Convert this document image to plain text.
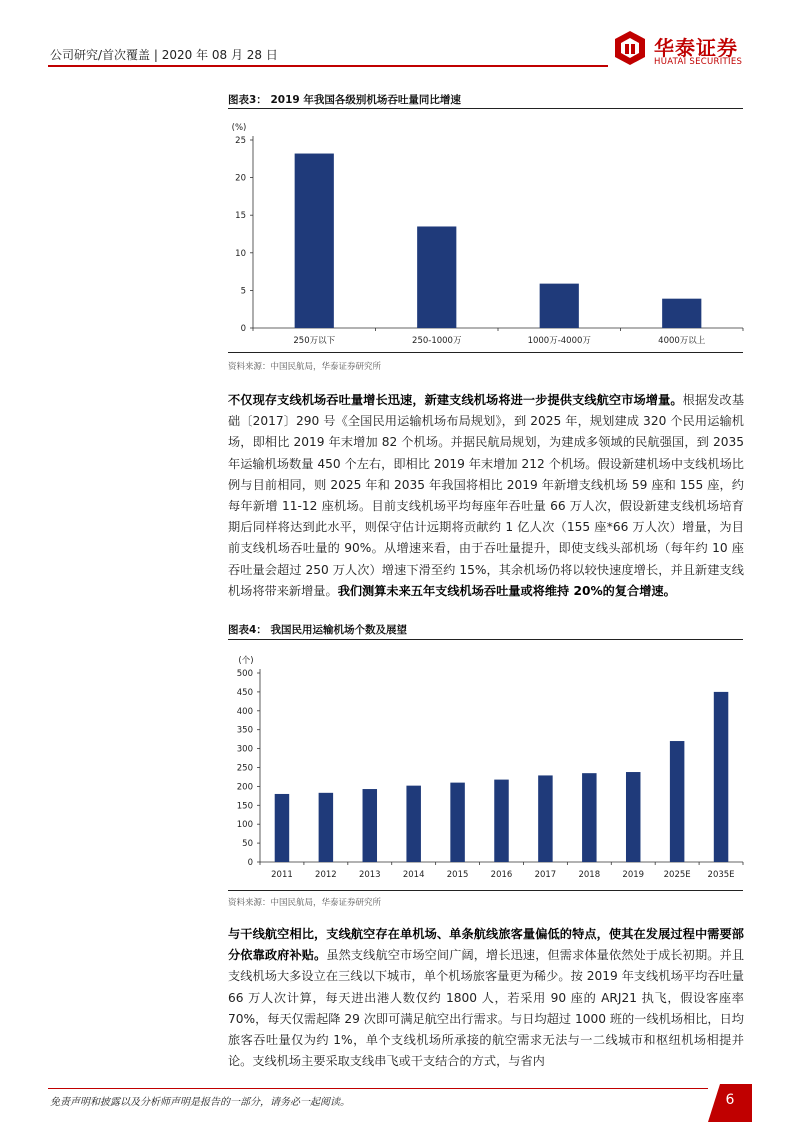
公司研究/首次覆盖 | 2020 年 08 月 28 日	华泰证券
HUATAI SECURITIES
图表3： 2019 年我国各级别机场吞吐量同比增速
(%)
0
5
10
15
20
25
250万以下	250-1000万	1000万-4000万	4000万以上
资料来源：中国民航局，华泰证券研究所
不仅现存支线机场吞吐量增长迅速，新建支线机场将进一步提供支线航空市场增量。根据发改基础〔2017〕290 号《全国民用运输机场布局规划》，到 2025 年，规划建成 320 个民用运输机场，即相比 2019 年末增加 82 个机场。并据民航局规划，为建成多领域的民航强国，到 2035 年运输机场数量 450 个左右，即相比 2019 年末增加 212 个机场。假设新建机场中支线机场比例与目前相同，则 2025 年和 2035 年我国将相比 2019 年新增支线机场 59 座和 155 座，约每年新增 11-12 座机场。目前支线机场平均每座年吞吐量 66 万人次，假设新建支线机场培育期后同样将达到此水平，则保守估计远期将贡献约 1 亿人次（155 座*66 万人次）增量，为目前支线机场吞吐量的 90%。从增速来看，由于吞吐量提升，即使支线头部机场（每年约 10 座吞吐量会超过 250 万人次）增速下滑至约 15%，其余机场仍将以较快速度增长，并且新建支线机场将带来新增量。我们测算未来五年支线机场吞吐量或将维持 20%的复合增速。
图表4： 我国民用运输机场个数及展望
(个)
0
50
100
150
200
250
300
350
400
450
500
2011	2012	2013	2014	2015	2016	2017	2018	2019 2025E 2035E
资料来源：中国民航局，华泰证券研究所
与干线航空相比，支线航空存在单机场、单条航线旅客量偏低的特点，使其在发展过程中需要部分依靠政府补贴。虽然支线航空市场空间广阔，增长迅速，但需求体量依然处于成长初期。并且支线机场大多设立在三线以下城市，单个机场旅客量更为稀少。按 2019 年支线机场平均吞吐量 66 万人次计算，每天进出港人数仅约 1800 人，若采用 90 座的 ARJ21 执飞，假设客座率 70%，每天仅需起降 29 次即可满足航空出行需求。与日均超过 1000 班的一线机场相比，日均旅客吞吐量仅为约 1%，单个支线机场所承接的航空需求无法与一二线城市和枢纽机场相提并论。支线机场主要采取支线串飞或干支结合的方式，与省内
免责声明和披露以及分析师声明是报告的一部分，请务必一起阅读。	6
